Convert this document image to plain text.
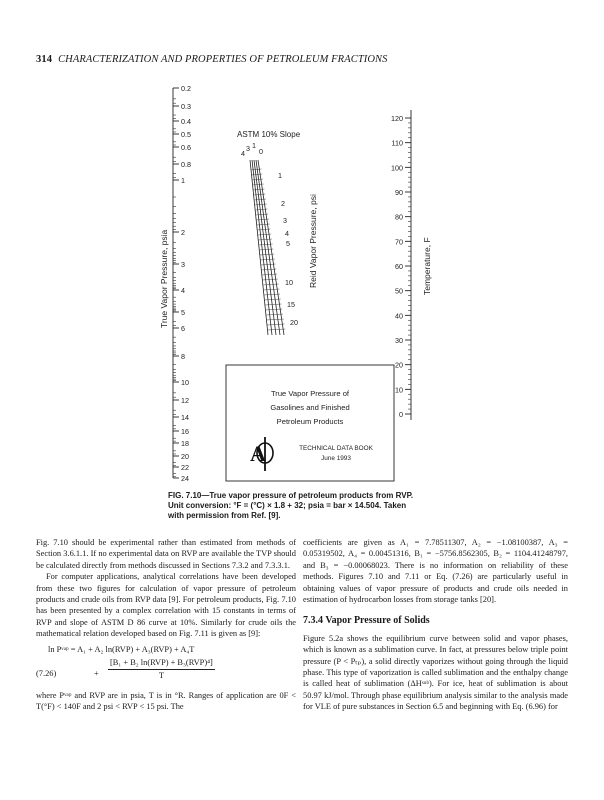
314 CHARACTERIZATION AND PROPERTIES OF PETROLEUM FRACTIONS
0.2
0.3
0.4
0.5
0.6
0.8
1
2
3
4
5
6
8
10
12
14
16
18
20
22
24
True Vapor Pressure, psia
ASTM 10% Slope
3 1
4 0
1
2
3
4
5
10
15
20
Reid Vapor Pressure, psi
120
110
100
90
80
70
60
50
40
30
20
10
0
Temperature, F
True Vapor Pressure of
Gasolines and Finished
Petroleum Products
A	TECHNICAL DATA BOOK
June 1993
FIG. 7.10—True vapor pressure of petroleum products from RVP.
Unit conversion: °F = (°C) × 1.8 + 32; psia = bar × 14.504. Taken
with permission from Ref. [9].

Fig. 7.10 should be experimental rather than estimated from methods of Section 3.6.1.1. If no experimental data on RVP are available the TVP should be calculated directly from methods discussed in Sections 7.3.2 and 7.3.3.1.

For computer applications, analytical correlations have been developed from these two figures for calculation of vapor pressure of petroleum products and crude oils from RVP data [9]. For petroleum products, Fig. 7.10 has been presented by a complex correlation with 15 constants in terms of RVP and slope of ASTM D 86 curve at 10%. Similarly for crude oils the mathematical relation developed based on Fig. 7.11 is given as [9]:

ln Pᵛᵃᵖ = A₁ + A₂ ln(RVP) + A₃(RVP) + A₄T
(7.26)	+
[B₁ + B₂ ln(RVP) + B₃(RVP)⁴]
T

where Pᵛᵃᵖ and RVP are in psia, T is in °R. Ranges of application are 0F < T(°F) < 140F and 2 psi < RVP < 15 psi. The

coefficients are given as A₁ = 7.78511307, A₂ = −1.08100387, A₃ = 0.05319502, A₄ = 0.00451316, B₁ = −5756.8562305, B₂ = 1104.41248797, and B₃ = −0.00068023. There is no information on reliability of these methods. Figures 7.10 and 7.11 or Eq. (7.26) are particularly useful in obtaining values of vapor pressure of products and crude oils needed in estimation of hydrocarbon losses from storage tanks [20].

7.3.4 Vapor Pressure of Solids

Figure 5.2a shows the equilibrium curve between solid and vapor phases, which is known as a sublimation curve. In fact, at pressures below triple point pressure (P < Pₜₚ), a solid directly vaporizes without going through the liquid phase. This type of vaporization is called sublimation and the enthalpy change is called heat of sublimation (ΔHˢᵘᵇ). For ice, heat of sublimation is about 50.97 kJ/mol. Through phase equilibrium analysis similar to the analysis made for VLE of pure substances in Section 6.5 and beginning with Eq. (6.96) for
